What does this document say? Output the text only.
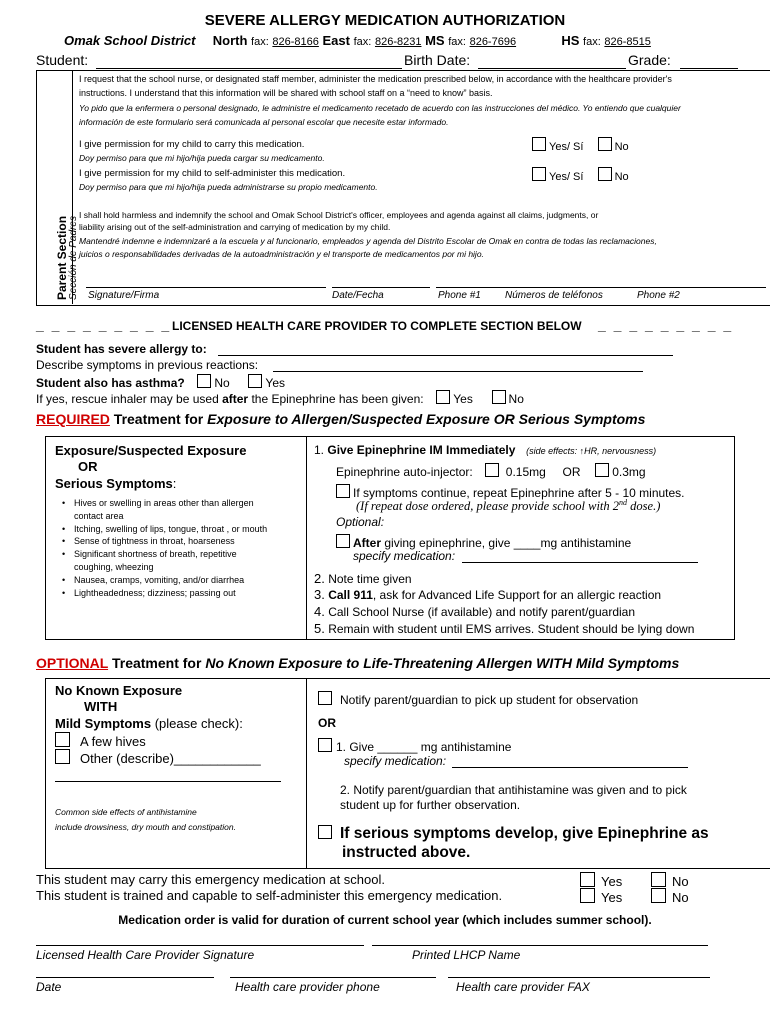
SEVERE ALLERGY MEDICATION AUTHORIZATION
Omak School District North fax: 826-8166 East fax: 826-8231 MS fax: 826-7696	HS fax: 826-8515
Student:	Birth Date:	Grade:
Parent Section Sección de Padres
I request that the school nurse, or designated staff member, administer the medication prescribed below, in accordance with the healthcare provider's
instructions. I understand that this information will be shared with school staff on a “need to know” basis.
Yo pido que la enfermera o personal designado, le administre el medicamento recetado de acuerdo con las instrucciones del médico. Yo entiendo que cualquier
información de este formulario será comunicada al personal escolar que necesite estar informado.
I give permission for my child to carry this medication.
Doy permiso para que mi hijo/hija pueda cargar su medicamento.
Yes/ Sí	No
I give permission for my child to self-administer this medication.
Doy permiso para que mi hijo/hija pueda administrarse su propio medicamento.
Yes/ Sí	No
I shall hold harmless and indemnify the school and Omak School District's officer, employees and agenda against all claims, judgments, or
liability arising out of the self-administration and carrying of medication by my child.
Mantendré indemne e indemnizaré a la escuela y al funcionario, empleados y agenda del Distrito Escolar de Omak en contra de todas las reclamaciones,
juicios o responsabilidades derivadas de la autoadministración y el transporte de medicamentos por mi hijo.
Signature/Firma	Date/Fecha	Phone #1 Números de teléfonos	Phone #2
_ _ _ _ _ _ _ _ _ LICENSED HEALTH CARE PROVIDER TO COMPLETE SECTION BELOW _ _ _ _ _ _ _ _ _
Student has severe allergy to:
Describe symptoms in previous reactions:
Student also has asthma? No	Yes
If yes, rescue inhaler may be used after the Epinephrine has been given: Yes	No
REQUIRED Treatment for Exposure to Allergen/Suspected Exposure OR Serious Symptoms
Exposure/Suspected Exposure
OR
Serious Symptoms:
• Hives or swelling in areas other than allergen
contact area
• Itching, swelling of lips, tongue, throat , or mouth
• Sense of tightness in throat, hoarseness
• Significant shortness of breath, repetitive
coughing, wheezing
• Nausea, cramps, vomiting, and/or diarrhea
• Lightheadedness; dizziness; passing out
1. Give Epinephrine IM Immediately (side effects: ↑HR, nervousness)
Epinephrine auto-injector:	0.15mg OR	0.3mg
If symptoms continue, repeat Epinephrine after 5 - 10 minutes.
(If repeat dose ordered, please provide school with 2nd dose.)
Optional:
After giving epinephrine, give ____mg antihistamine
specify medication:
2. Note time given
3. Call 911, ask for Advanced Life Support for an allergic reaction
4. Call School Nurse (if available) and notify parent/guardian
5. Remain with student until EMS arrives. Student should be lying down
OPTIONAL Treatment for No Known Exposure to Life-Threatening Allergen WITH Mild Symptoms
No Known Exposure
WITH
Mild Symptoms (please check):
A few hives
Other (describe)____________
Common side effects of antihistamine
include drowsiness, dry mouth and constipation.
Notify parent/guardian to pick up student for observation
OR
1. Give ______ mg antihistamine
specify medication:
2. Notify parent/guardian that antihistamine was given and to pick
student up for further observation.
If serious symptoms develop, give Epinephrine as
instructed above.
This student may carry this emergency medication at school.	Yes	No
This student is trained and capable to self-administer this emergency medication.	Yes	No
Medication order is valid for duration of current school year (which includes summer school).
Licensed Health Care Provider Signature	Printed LHCP Name
Date	Health care provider phone	Health care provider FAX
